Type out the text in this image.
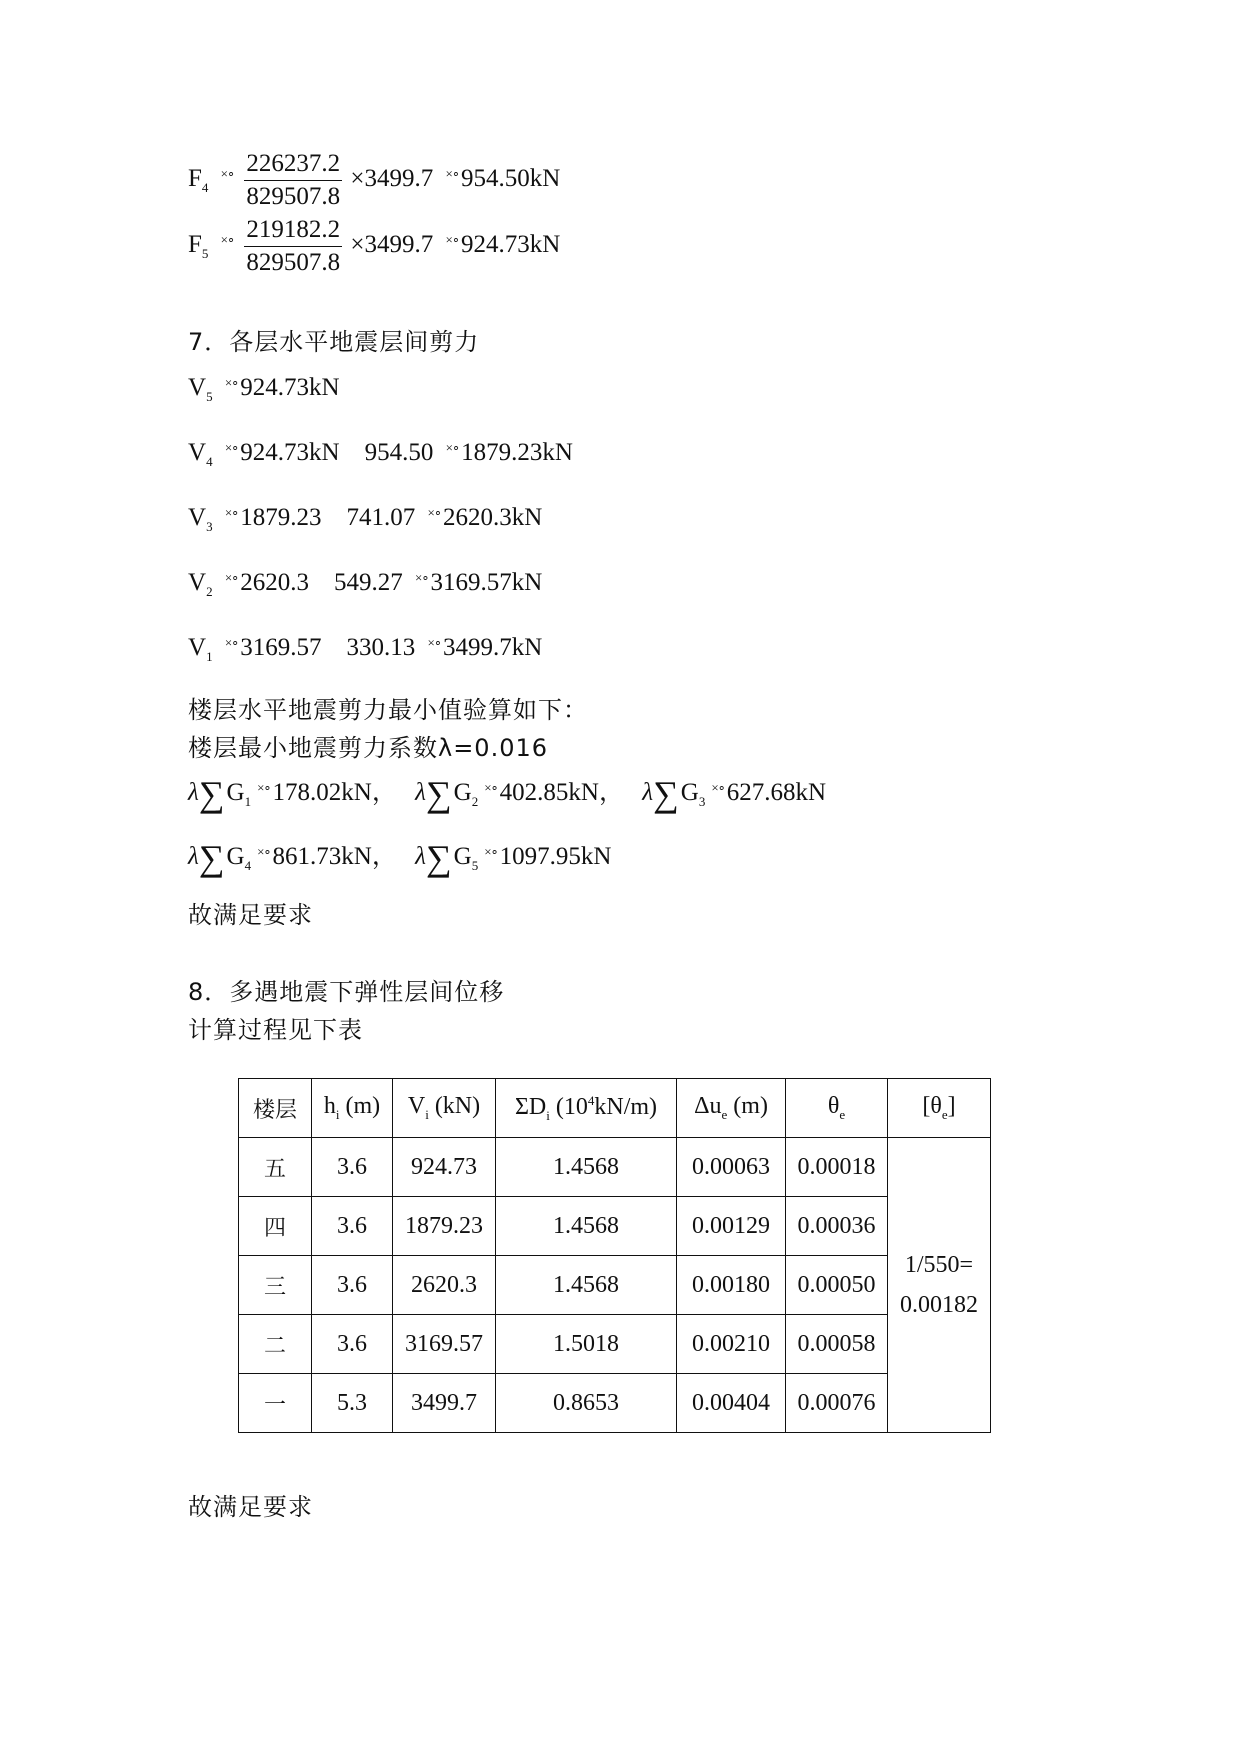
$F_4$ $^{\times\circ} \frac{226237.2}{829507.8} \times 3499.7$ ×∘954.50kN
$F_5$ $^{\times\circ} \frac{219182.2}{829507.8} \times 3499.7$ ×∘924.73kN
7．各层水平地震层间剪力
$V_5$ ×∘924.73kN
$V_4$ ×∘924.73kN    954.50 ×∘1879.23kN
$V_3$ ×∘1879.23    741.07 ×∘2620.3kN
$V_2$ ×∘2620.3    549.27 ×∘3169.57kN
$V_1$ ×∘3169.57    330.13 ×∘3499.7kN
楼层水平地震剪力最小值验算如下：
楼层最小地震剪力系数λ=0.016
$\lambda\sum G_1^{\times\circ}178.02kN$， $\lambda\sum G_2^{\times\circ}402.85kN$， $\lambda\sum G_3^{\times\circ}627.68kN$
$\lambda\sum G_4^{\times\circ}861.73kN$， $\lambda\sum G_5^{\times\circ}1097.95kN$
故满足要求
8．多遇地震下弹性层间位移
计算过程见下表
楼层	$h_i$ (m)	$V_i$ (kN)	$\Sigma D_i$ $(10^4kN/m)$	$\Delta u_e$ (m)	$\theta_e$	$[\theta_e]$
五	3.6	924.73	1.4568	0.00063	0.00018	1/550=
0.00182
四	3.6	1879.23	1.4568	0.00129	0.00036	
三	3.6	2620.3	1.4568	0.00180	0.00050	
二	3.6	3169.57	1.5018	0.00210	0.00058	
一	5.3	3499.7	0.8653	0.00404	0.00076	
故满足要求
